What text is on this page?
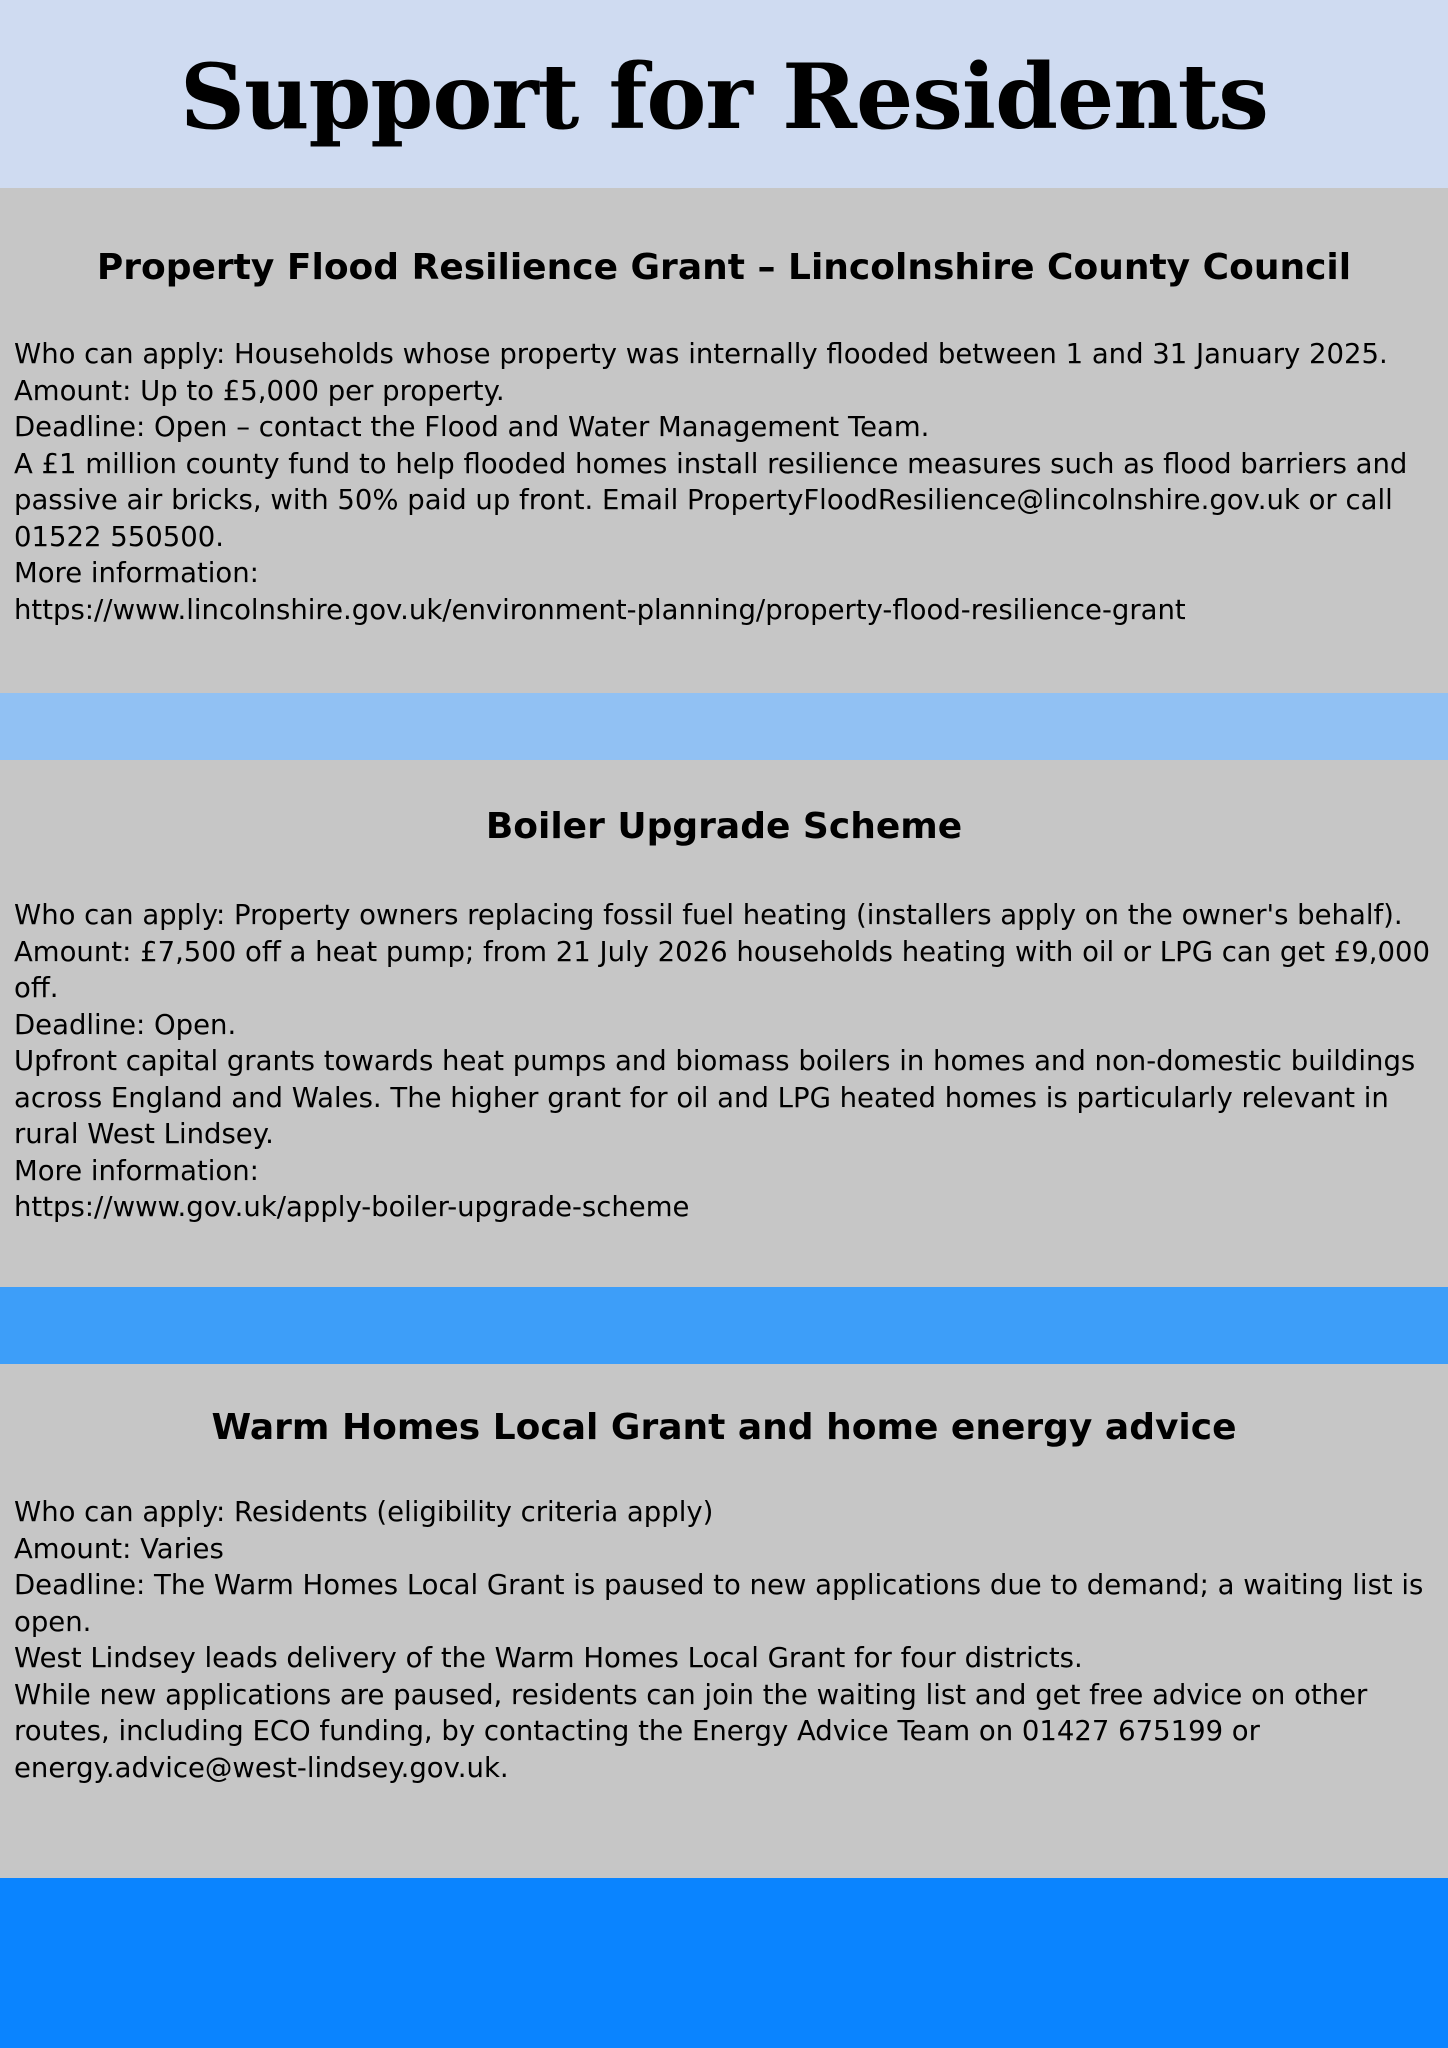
Support for Residents
Property Flood Resilience Grant – Lincolnshire County Council

Who can apply: Households whose property was internally flooded between 1 and 31 January 2025.

Amount: Up to £5,000 per property.

Deadline: Open – contact the Flood and Water Management Team.

A £1 million county fund to help flooded homes install resilience measures such as flood barriers and passive air bricks, with 50% paid up front. Email PropertyFloodResilience@lincolnshire.gov.uk or call 01522 550500.

More information:

https://www.lincolnshire.gov.uk/environment-planning/property-flood-resilience-grant

Boiler Upgrade Scheme

Who can apply: Property owners replacing fossil fuel heating (installers apply on the owner's behalf).

Amount: £7,500 off a heat pump; from 21 July 2026 households heating with oil or LPG can get £9,000 off.

Deadline: Open.

Upfront capital grants towards heat pumps and biomass boilers in homes and non-domestic buildings across England and Wales. The higher grant for oil and LPG heated homes is particularly relevant in rural West Lindsey.

More information:

https://www.gov.uk/apply-boiler-upgrade-scheme

Warm Homes Local Grant and home energy advice

Who can apply: Residents (eligibility criteria apply)

Amount: Varies

Deadline: The Warm Homes Local Grant is paused to new applications due to demand; a waiting list is open.

West Lindsey leads delivery of the Warm Homes Local Grant for four districts.

While new applications are paused, residents can join the waiting list and get free advice on other routes, including ECO funding, by contacting the Energy Advice Team on 01427 675199 or energy.advice@west-lindsey.gov.uk.
